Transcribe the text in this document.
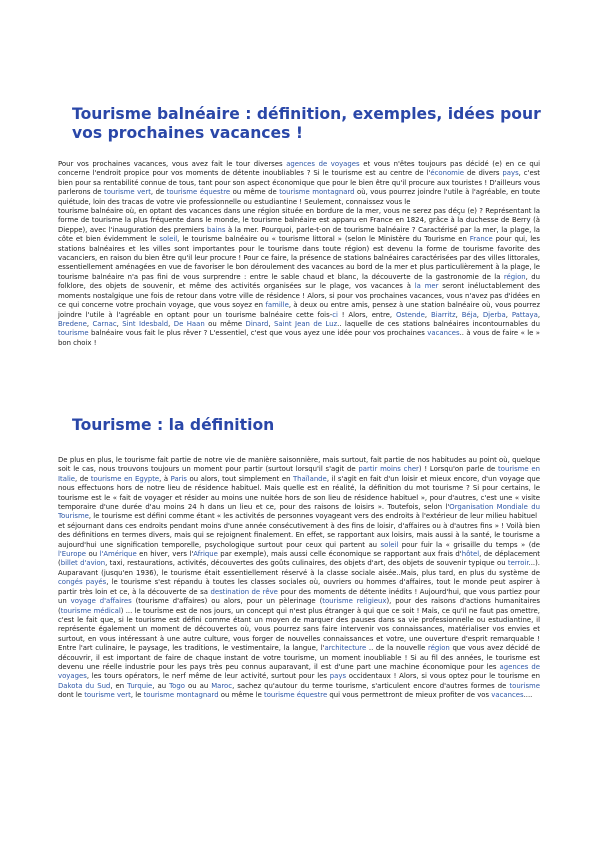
Tourisme balnéaire : définition, exemples, idées pour vos prochaines vacances !

Pour vos prochaines vacances, vous avez fait le tour diverses agences de voyages et vous n'êtes toujours pas décidé (e) en ce qui concerne l'endroit propice pour vos moments de détente inoubliables ? Si le tourisme est au centre de l'économie de divers pays, c'est bien pour sa rentabilité connue de tous, tant pour son aspect économique que pour le bien être qu'il procure aux touristes ! D'ailleurs vous parlerons de tourisme vert, de tourisme équestre ou même de tourisme montagnard où, vous pourrez joindre l'utile à l'agréable, en toute quiétude, loin des tracas de votre vie professionnelle ou estudiantine ! Seulement, connaissez vous le
tourisme balnéaire où, en optant des vacances dans une région située en bordure de la mer, vous ne serez pas déçu (e) ? Représentant la forme de tourisme la plus fréquente dans le monde, le tourisme balnéaire est apparu en France en 1824, grâce à la duchesse de Berry (à Dieppe), avec l'inauguration des premiers bains à la mer. Pourquoi, parle-t-on de tourisme balnéaire ? Caractérisé par la mer, la plage, la côte et bien évidemment le soleil, le tourisme balnéaire ou « tourisme littoral » (selon le Ministère du Tourisme en France pour qui, les stations balnéaires et les villes sont importantes pour le tourisme dans toute région) est devenu la forme de tourisme favorite des vacanciers, en raison du bien être qu'il leur procure ! Pour ce faire, la présence de stations balnéaires caractérisées par des villes littorales, essentiellement aménagées en vue de favoriser le bon déroulement des vacances au bord de la mer et plus particulièrement à la plage, le tourisme balnéaire n'a pas fini de vous surprendre : entre le sable chaud et blanc, la découverte de la gastronomie de la région, du folklore, des objets de souvenir, et même des activités organisées sur le plage, vos vacances à la mer seront inéluctablement des moments nostalgique une fois de retour dans votre ville de résidence ! Alors, si pour vos prochaines vacances, vous n'avez pas d'idées en ce qui concerne votre prochain voyage, que vous soyez en famille, à deux ou entre amis, pensez à une station balnéaire où, vous pourrez joindre l'utile à l'agréable en optant pour un tourisme balnéaire cette fois-ci ! Alors, entre, Ostende, Biarritz, Béja, Djerba, Pattaya, Bredene, Carnac, Sint Idesbald, De Haan ou même Dinard, Saint Jean de Luz.. laquelle de ces stations balnéaires incontournables du tourisme balnéaire vous fait le plus rêver ? L'essentiel, c'est que vous ayez une idée pour vos prochaines vacances.. à vous de faire « le » bon choix !

Tourisme : la définition

De plus en plus, le tourisme fait partie de notre vie de manière saisonnière, mais surtout, fait partie de nos habitudes au point où, quelque soit le cas, nous trouvons toujours un moment pour partir (surtout lorsqu'il s'agit de partir moins cher) ! Lorsqu'on parle de tourisme en Italie, de tourisme en Egypte, à Paris ou alors, tout simplement en Thaïlande, il s'agit en fait d'un loisir et mieux encore, d'un voyage que nous effectuons hors de notre lieu de résidence habituel. Mais quelle est en réalité, la définition du mot tourisme ? Si pour certains, le tourisme est le « fait de voyager et résider au moins une nuitée hors de son lieu de résidence habituel », pour d'autres, c'est une « visite temporaire d'une durée d'au moins 24 h dans un lieu et ce, pour des raisons de loisirs ». Toutefois, selon l'Organisation Mondiale du Tourisme, le tourisme est défini comme étant « les activités de personnes voyageant vers des endroits à l'extérieur de leur milieu habituel
et séjournant dans ces endroits pendant moins d'une année consécutivement à des fins de loisir, d'affaires ou à d'autres fins » ! Voilà bien des définitions en termes divers, mais qui se rejoignent finalement. En effet, se rapportant aux loisirs, mais aussi à la santé, le tourisme a aujourd'hui une signification temporelle, psychologique surtout pour ceux qui partent au soleil pour fuir la « grisaille du temps » (de l'Europe ou l'Amérique en hiver, vers l'Afrique par exemple), mais aussi celle économique se rapportant aux frais d'hôtel, de déplacement (billet d'avion, taxi, restaurations, activités, découvertes des goûts culinaires, des objets d'art, des objets de souvenir typique ou terroir...). Auparavant (jusqu'en 1936), le tourisme était essentiellement réservé à la classe sociale aisée..Mais, plus tard, en plus du système de congés payés, le tourisme s'est répandu à toutes les classes sociales où, ouvriers ou hommes d'affaires, tout le monde peut aspirer à partir très loin et ce, à la découverte de sa destination de rêve pour des moments de détente inédits ! Aujourd'hui, que vous partiez pour un voyage d'affaires (tourisme d'affaires) ou alors, pour un pèlerinage (tourisme religieux), pour des raisons d'actions humanitaires (tourisme médical) ... le tourisme est de nos jours, un concept qui n'est plus étranger à qui que ce soit ! Mais, ce qu'il ne faut pas omettre, c'est le fait que, si le tourisme est défini comme étant un moyen de marquer des pauses dans sa vie professionnelle ou estudiantine, il représente également un moment de découvertes où, vous pourrez sans faire intervenir vos connaissances, matérialiser vos envies et surtout, en vous intéressant à une autre culture, vous forger de nouvelles connaissances et votre, une ouverture d'esprit remarquable ! Entre l'art culinaire, le paysage, les traditions, le vestimentaire, la langue, l'architecture .. de la nouvelle région que vous avez décidé de découvrir, il est important de faire de chaque instant de votre tourisme, un moment inoubliable ! Si au fil des années, le tourisme est devenu une réelle industrie pour les pays très peu connus auparavant, il est d'une part une machine économique pour les agences de voyages, les tours opérators, le nerf même de leur activité, surtout pour les pays occidentaux ! Alors, si vous optez pour le tourisme en Dakota du Sud, en Turquie, au Togo ou au Maroc, sachez qu'autour du terme tourisme, s'articulent encore d'autres formes de tourisme dont le tourisme vert, le tourisme montagnard ou même le tourisme équestre qui vous permettront de mieux profiter de vos vacances....
